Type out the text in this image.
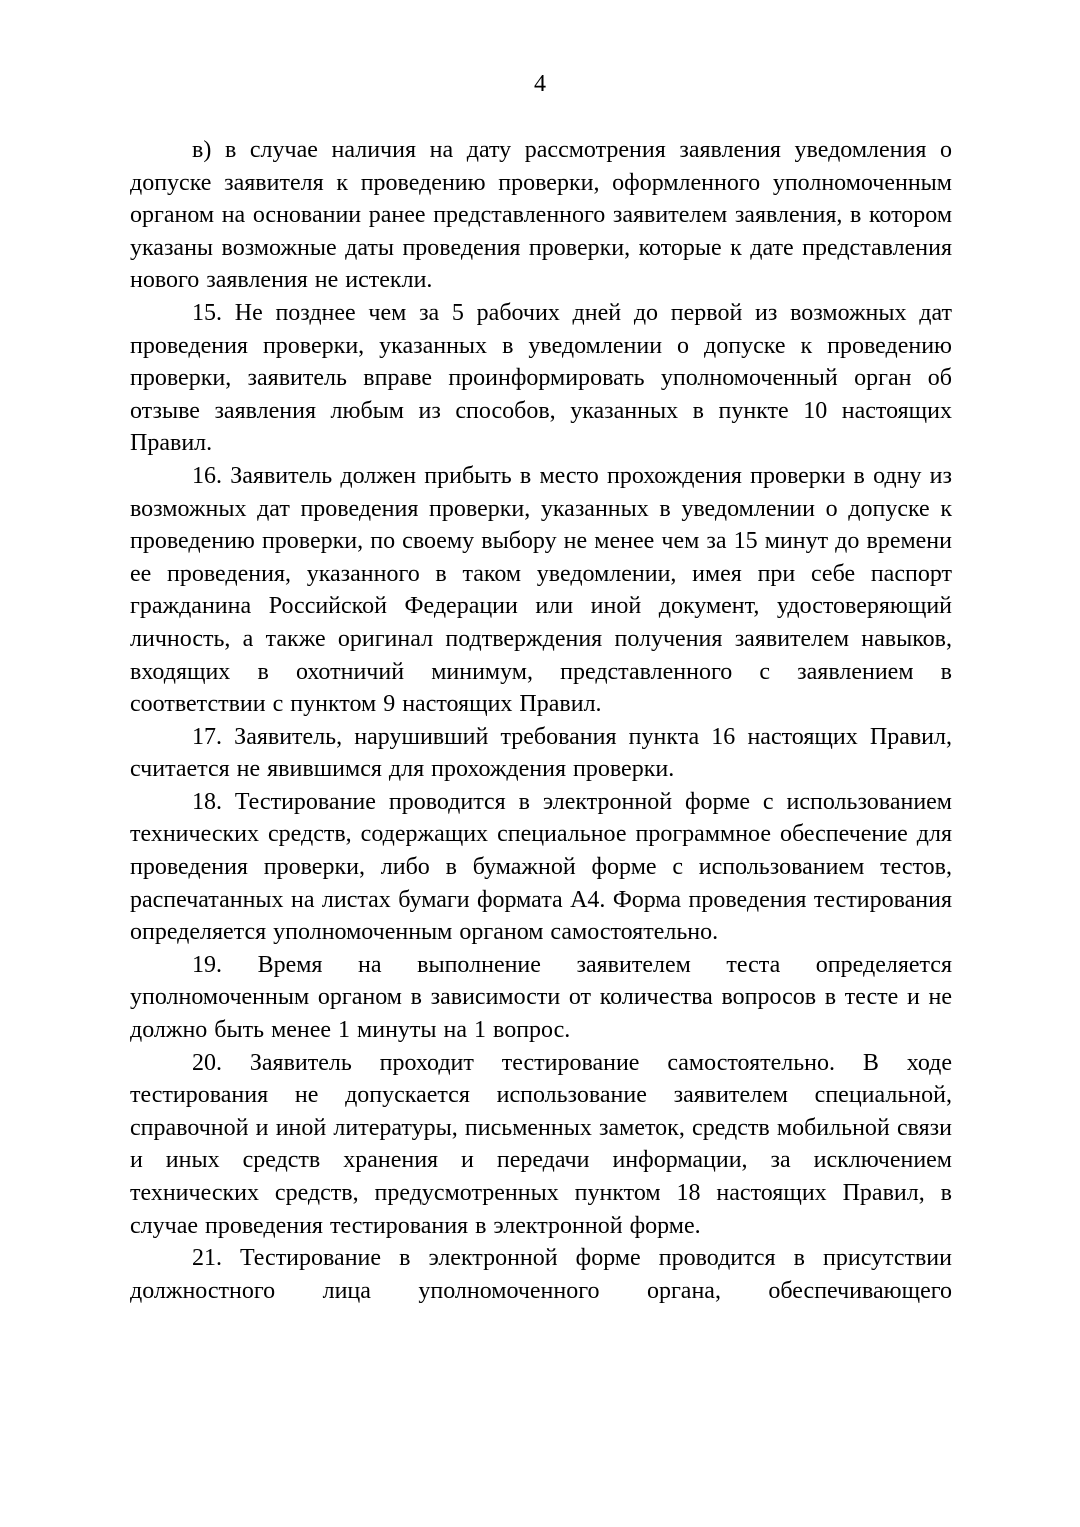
4

в) в случае наличия на дату рассмотрения заявления уведомления о допуске заявителя к проведению проверки, оформленного уполномоченным органом на основании ранее представленного заявителем заявления, в котором указаны возможные даты проведения проверки, которые к дате представления нового заявления не истекли.

15. Не позднее чем за 5 рабочих дней до первой из возможных дат проведения проверки, указанных в уведомлении о допуске к проведению проверки, заявитель вправе проинформировать уполномоченный орган об отзыве заявления любым из способов, указанных в пункте 10 настоящих Правил.

16. Заявитель должен прибыть в место прохождения проверки в одну из возможных дат проведения проверки, указанных в уведомлении о допуске к проведению проверки, по своему выбору не менее чем за 15 минут до времени ее проведения, указанного в таком уведомлении, имея при себе паспорт гражданина Российской Федерации или иной документ, удостоверяющий личность, а также оригинал подтверждения получения заявителем навыков, входящих в охотничий минимум, представленного с заявлением в соответствии с пунктом 9 настоящих Правил.

17. Заявитель, нарушивший требования пункта 16 настоящих Правил, считается не явившимся для прохождения проверки.

18. Тестирование проводится в электронной форме с использованием технических средств, содержащих специальное программное обеспечение для проведения проверки, либо в бумажной форме с использованием тестов, распечатанных на листах бумаги формата А4. Форма проведения тестирования определяется уполномоченным органом самостоятельно.

19. Время на выполнение заявителем теста определяется уполномоченным органом в зависимости от количества вопросов в тесте и не должно быть менее 1 минуты на 1 вопрос.

20. Заявитель проходит тестирование самостоятельно. В ходе тестирования не допускается использование заявителем специальной, справочной и иной литературы, письменных заметок, средств мобильной связи и иных средств хранения и передачи информации, за исключением технических средств, предусмотренных пунктом 18 настоящих Правил, в случае проведения тестирования в электронной форме.

21. Тестирование в электронной форме проводится в присутствии должностного лица уполномоченного органа, обеспечивающего
